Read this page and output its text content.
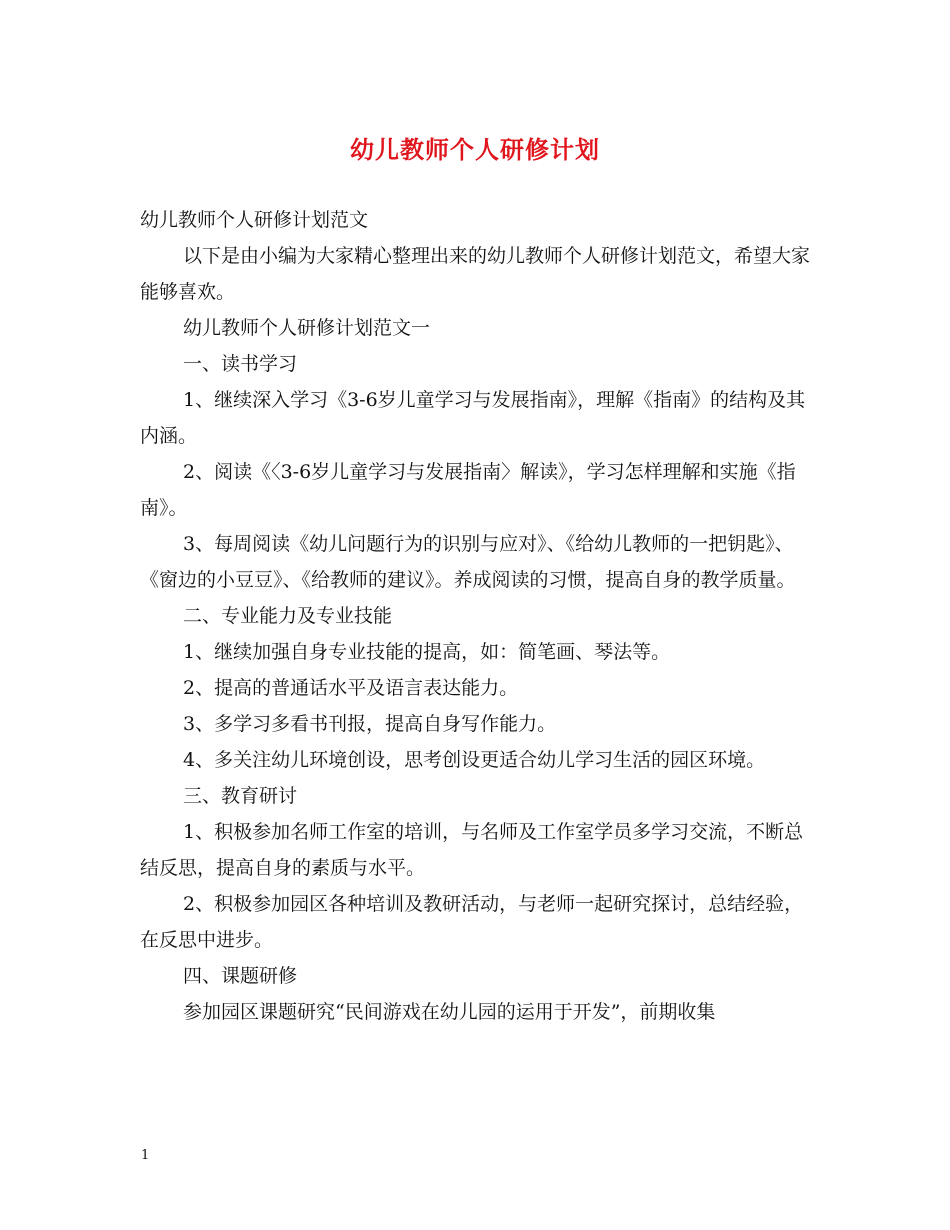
幼儿教师个人研修计划

幼儿教师个人研修计划范文

以下是由小编为大家精心整理出来的幼儿教师个人研修计划范文，希望大家能够喜欢。

幼儿教师个人研修计划范文一

一、读书学习

1、继续深入学习《3-6岁儿童学习与发展指南》，理解《指南》的结构及其内涵。

2、阅读《〈3-6岁儿童学习与发展指南〉解读》，学习怎样理解和实施《指南》。

3、每周阅读《幼儿问题行为的识别与应对》、《给幼儿教师的一把钥匙》、《窗边的小豆豆》、《给教师的建议》。养成阅读的习惯，提高自身的教学质量。

二、专业能力及专业技能

1、继续加强自身专业技能的提高，如：简笔画、琴法等。

2、提高的普通话水平及语言表达能力。

3、多学习多看书刊报，提高自身写作能力。

4、多关注幼儿环境创设，思考创设更适合幼儿学习生活的园区环境。

三、教育研讨

1、积极参加名师工作室的培训，与名师及工作室学员多学习交流，不断总结反思，提高自身的素质与水平。

2、积极参加园区各种培训及教研活动，与老师一起研究探讨，总结经验，在反思中进步。

四、课题研修

参加园区课题研究“民间游戏在幼儿园的运用于开发”，前期收集

1
